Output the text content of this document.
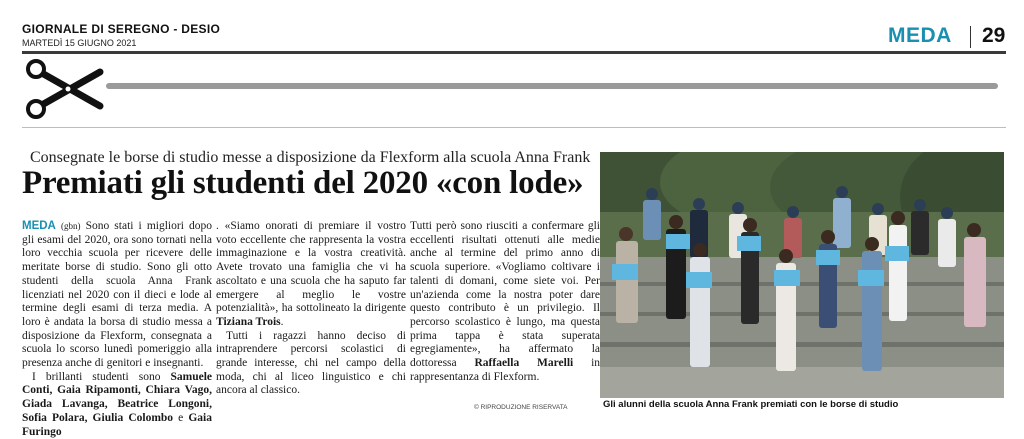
GIORNALE DI SEREGNO - DESIO
MARTEDÌ 15 GIUGNO 2021	MEDA 29
Consegnate le borse di studio messe a disposizione da Flexform alla scuola Anna Frank
Premiati gli studenti del 2020 «con lode»

MEDA (gbn) Sono stati i migliori dopo gli esami del 2020, ora sono tornati nella loro vecchia scuola per ricevere delle meritate borse di studio. Sono gli otto studenti della scuola Anna Frank licenziati nel 2020 con il dieci e lode al termine degli esami di terza media. A loro è andata la borsa di studio messa a disposizione da Flexform, consegnata a scuola lo scorso lunedì pomeriggio alla presenza anche di genitori e insegnanti.

I brillanti studenti sono Samuele Conti, Gaia Ripamonti, Chiara Vago, Giada Lavanga, Beatrice Longoni, Sofia Polara, Giulia Colombo e Gaia Furingo

. «Siamo onorati di premiare il vostro voto eccellente che rappresenta la vostra immaginazione e la vostra creatività. Avete trovato una famiglia che vi ha ascoltato e una scuola che ha saputo far emergere al meglio le vostre potenzialità», ha sottolineato la dirigente Tiziana Trois.

Tutti i ragazzi hanno deciso di intraprendere percorsi scolastici di grande interesse, chi nel campo della moda, chi al liceo linguistico e chi ancora al classico.

Tutti però sono riusciti a confermare gli eccellenti risultati ottenuti alle medie anche al termine del primo anno di scuola superiore. «Vogliamo coltivare i talenti di domani, come siete voi. Per un'azienda come la nostra poter dare questo contributo è un privilegio. Il percorso scolastico è lungo, ma questa prima tappa è stata superata egregiamente», ha affermato la dottoressa Raffaella Marelli in rappresentanza di Flexform.

© RIPRODUZIONE RISERVATA	Gli alunni della scuola Anna Frank premiati con le borse di studio
